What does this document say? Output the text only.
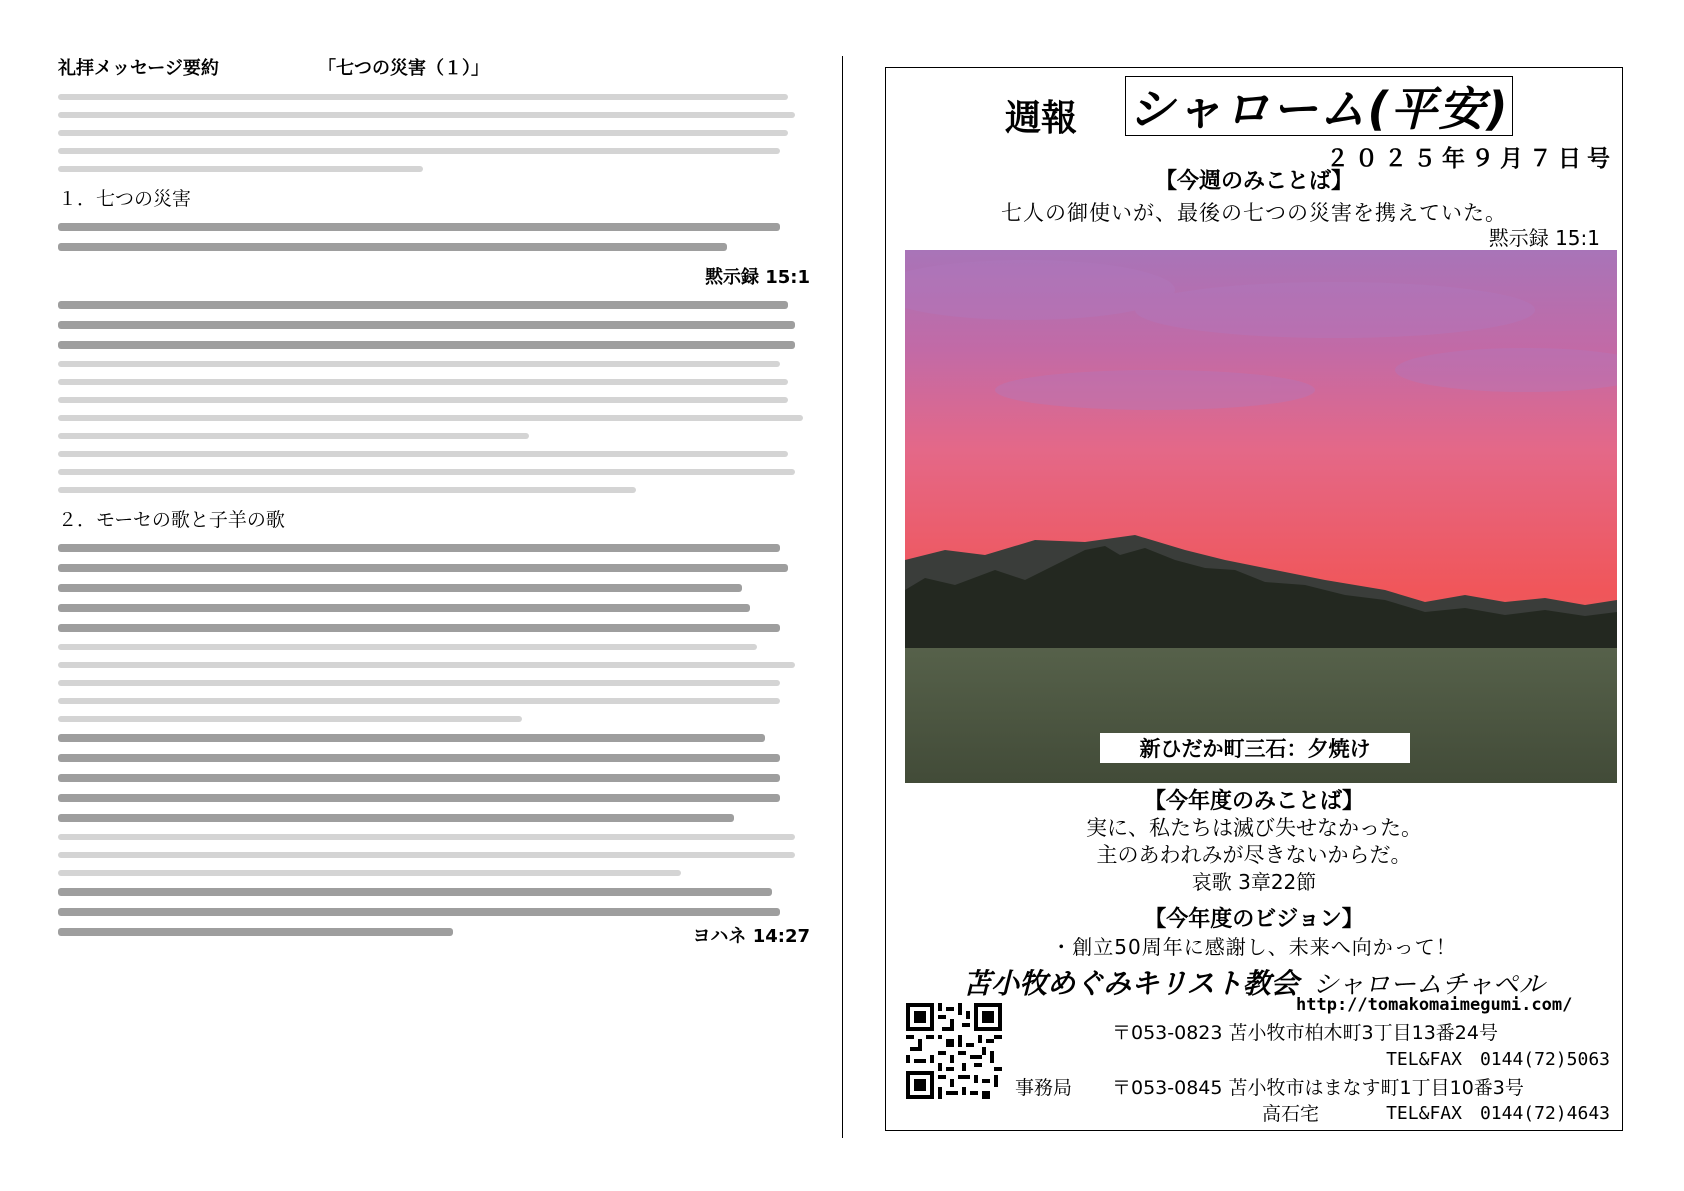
礼拝メッセージ要約	「七つの災害（１）」
１．七つの災害
黙示録 15:1
２．モーセの歌と子羊の歌
ヨハネ 14:27
週報 シャローム(平安)
２０２５年９月７日号
【今週のみことば】
七人の御使いが、最後の七つの災害を携えていた。
黙示録 15:1
新ひだか町三石：夕焼け
【今年度のみことば】
実に、私たちは滅び失せなかった。
主のあわれみが尽きないからだ。
哀歌 3章22節
【今年度のビジョン】
・創立50周年に感謝し、未来へ向かって！
苫小牧めぐみキリスト教会 シャロームチャペル
http://tomakomaimegumi.com/
〒053-0823 苫小牧市柏木町3丁目13番24号
TEL&FAX　0144(72)5063
事務局 〒053-0845 苫小牧市はまなす町1丁目10番3号
高石宅	TEL&FAX　0144(72)4643
